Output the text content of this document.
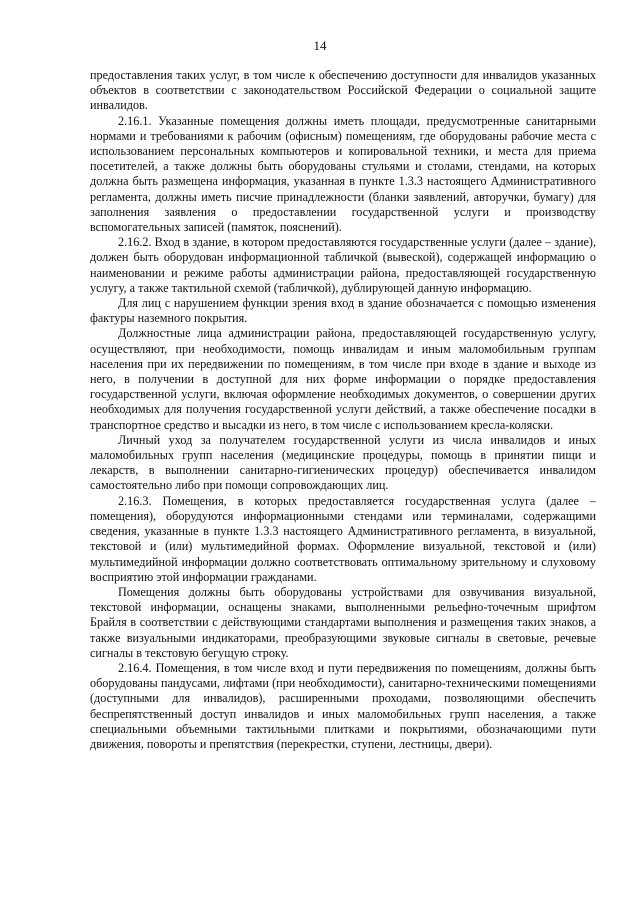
14

предоставления таких услуг, в том числе к обеспечению доступности для инвалидов указанных объектов в соответствии с законодательством Российской Федерации о социальной защите инвалидов.

2.16.1. Указанные помещения должны иметь площади, предусмотренные санитарными нормами и требованиями к рабочим (офисным) помещениям, где оборудованы рабочие места с использованием персональных компьютеров и копировальной техники, и места для приема посетителей, а также должны быть оборудованы стульями и столами, стендами, на которых должна быть размещена информация, указанная в пункте 1.3.3 настоящего Административного регламента, должны иметь писчие принадлежности (бланки заявлений, авторучки, бумагу) для заполнения заявления о предоставлении государственной услуги и производству вспомогательных записей (памяток, пояснений).

2.16.2. Вход в здание, в котором предоставляются государственные услуги (далее – здание), должен быть оборудован информационной табличкой (вывеской), содержащей информацию о наименовании и режиме работы администрации района, предоставляющей государственную услугу, а также тактильной схемой (табличкой), дублирующей данную информацию.

Для лиц с нарушением функции зрения вход в здание обозначается с помощью изменения фактуры наземного покрытия.

Должностные лица администрации района, предоставляющей государственную услугу, осуществляют, при необходимости, помощь инвалидам и иным маломобильным группам населения при их передвижении по помещениям, в том числе при входе в здание и выходе из него, в получении в доступной для них форме информации о порядке предоставления государственной услуги, включая оформление необходимых документов, о совершении других необходимых для получения государственной услуги действий, а также обеспечение посадки в транспортное средство и высадки из него, в том числе с использованием кресла-коляски.

Личный уход за получателем государственной услуги из числа инвалидов и иных маломобильных групп населения (медицинские процедуры, помощь в принятии пищи и лекарств, в выполнении санитарно-гигиенических процедур) обеспечивается инвалидом самостоятельно либо при помощи сопровождающих лиц.

2.16.3. Помещения, в которых предоставляется государственная услуга (далее – помещения), оборудуются информационными стендами или терминалами, содержащими сведения, указанные в пункте 1.3.3 настоящего Административного регламента, в визуальной, текстовой и (или) мультимедийной формах. Оформление визуальной, текстовой и (или) мультимедийной информации должно соответствовать оптимальному зрительному и слуховому восприятию этой информации гражданами.

Помещения должны быть оборудованы устройствами для озвучивания визуальной, текстовой информации, оснащены знаками, выполненными рельефно-точечным шрифтом Брайля в соответствии с действующими стандартами выполнения и размещения таких знаков, а также визуальными индикаторами, преобразующими звуковые сигналы в световые, речевые сигналы в текстовую бегущую строку.

2.16.4. Помещения, в том числе вход и пути передвижения по помещениям, должны быть оборудованы пандусами, лифтами (при необходимости), санитарно-техническими помещениями (доступными для инвалидов), расширенными проходами, позволяющими обеспечить беспрепятственный доступ инвалидов и иных маломобильных групп населения, а также специальными объемными тактильными плитками и покрытиями, обозначающими пути движения, повороты и препятствия (перекрестки, ступени, лестницы, двери).
